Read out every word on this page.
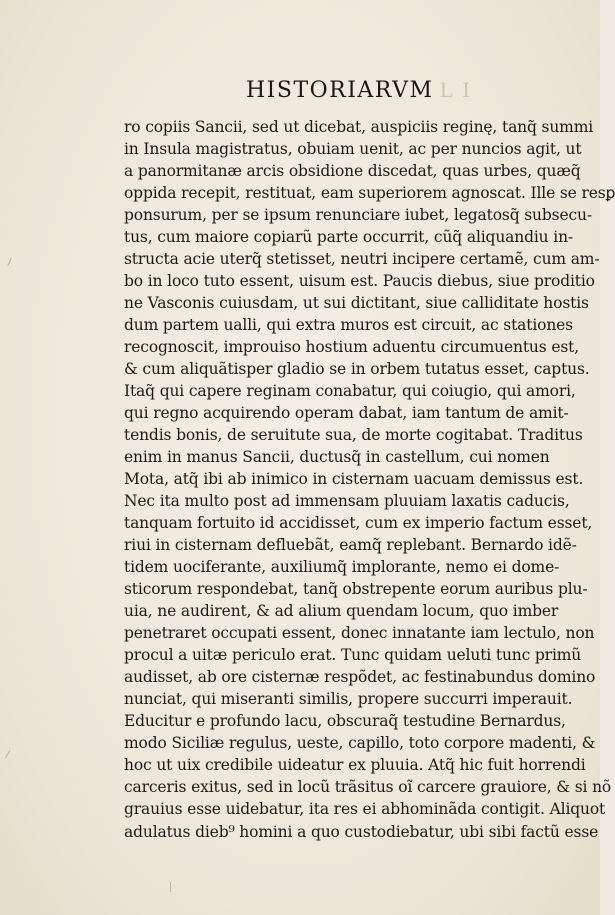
HISTORIARVM L I
ro copiis Sancii, sed ut dicebat, auspiciis reginę, tanq̃ summi
in Insula magistratus, obuiam uenit, ac per nuncios agit, ut
a panormitanæ arcis obsidione discedat, quas urbes, quæq̃
oppida recepit, restituat, eam superiorem agnoscat. Ille se resꝑ
ponsurum, per se ipsum renunciare iubet, legatosq̃ subsecu-
tus, cum maiore copiarũ parte occurrit, cũq̃ aliquandiu in-
structa acie uterq̃ stetisset, neutri incipere certamẽ, cum am-
bo in loco tuto essent, uisum est. Paucis diebus, siue proditio
ne Vasconis cuiusdam, ut sui dictitant, siue calliditate hostis
dum partem ualli, qui extra muros est circuit, ac stationes
recognoscit, improuiso hostium aduentu circumuentus est,
& cum aliquãtisper gladio se in orbem tutatus esset, captus.
Itaq̃ qui capere reginam conabatur, qui coiugio, qui amori,
qui regno acquirendo operam dabat, iam tantum de amit-
tendis bonis, de seruitute sua, de morte cogitabat. Traditus
enim in manus Sancii, ductusq̃ in castellum, cui nomen
Mota, atq̃ ibi ab inimico in cisternam uacuam demissus est.
Nec ita multo post ad immensam pluuiam laxatis caducis,
tanquam fortuito id accidisset, cum ex imperio factum esset,
riui in cisternam defluebãt, eamq̃ replebant. Bernardo idẽ-
tidem uociferante, auxiliumq̃ implorante, nemo ei dome-
sticorum respondebat, tanq̃ obstrepente eorum auribus plu-
uia, ne audirent, & ad alium quendam locum, quo imber
penetraret occupati essent, donec innatante iam lectulo, non
procul a uitæ periculo erat. Tunc quidam ueluti tunc primũ
audisset, ab ore cisternæ respõdet, ac festinabundus domino
nunciat, qui miseranti similis, propere succurri imperauit.
Educitur e profundo lacu, obscuraq̃ testudine Bernardus,
modo Siciliæ regulus, ueste, capillo, toto corpore madenti, &
hoc ut uix credibile uideatur ex pluuia. Atq̃ hic fuit horrendi
carceris exitus, sed in locũ trãsitus oĩ carcere grauiore, & si nõ
grauius esse uidebatur, ita res ei abhominãda contigit. Aliquot
adulatus dieb⁹ homini a quo custodiebatur, ubi sibi factũ esse
